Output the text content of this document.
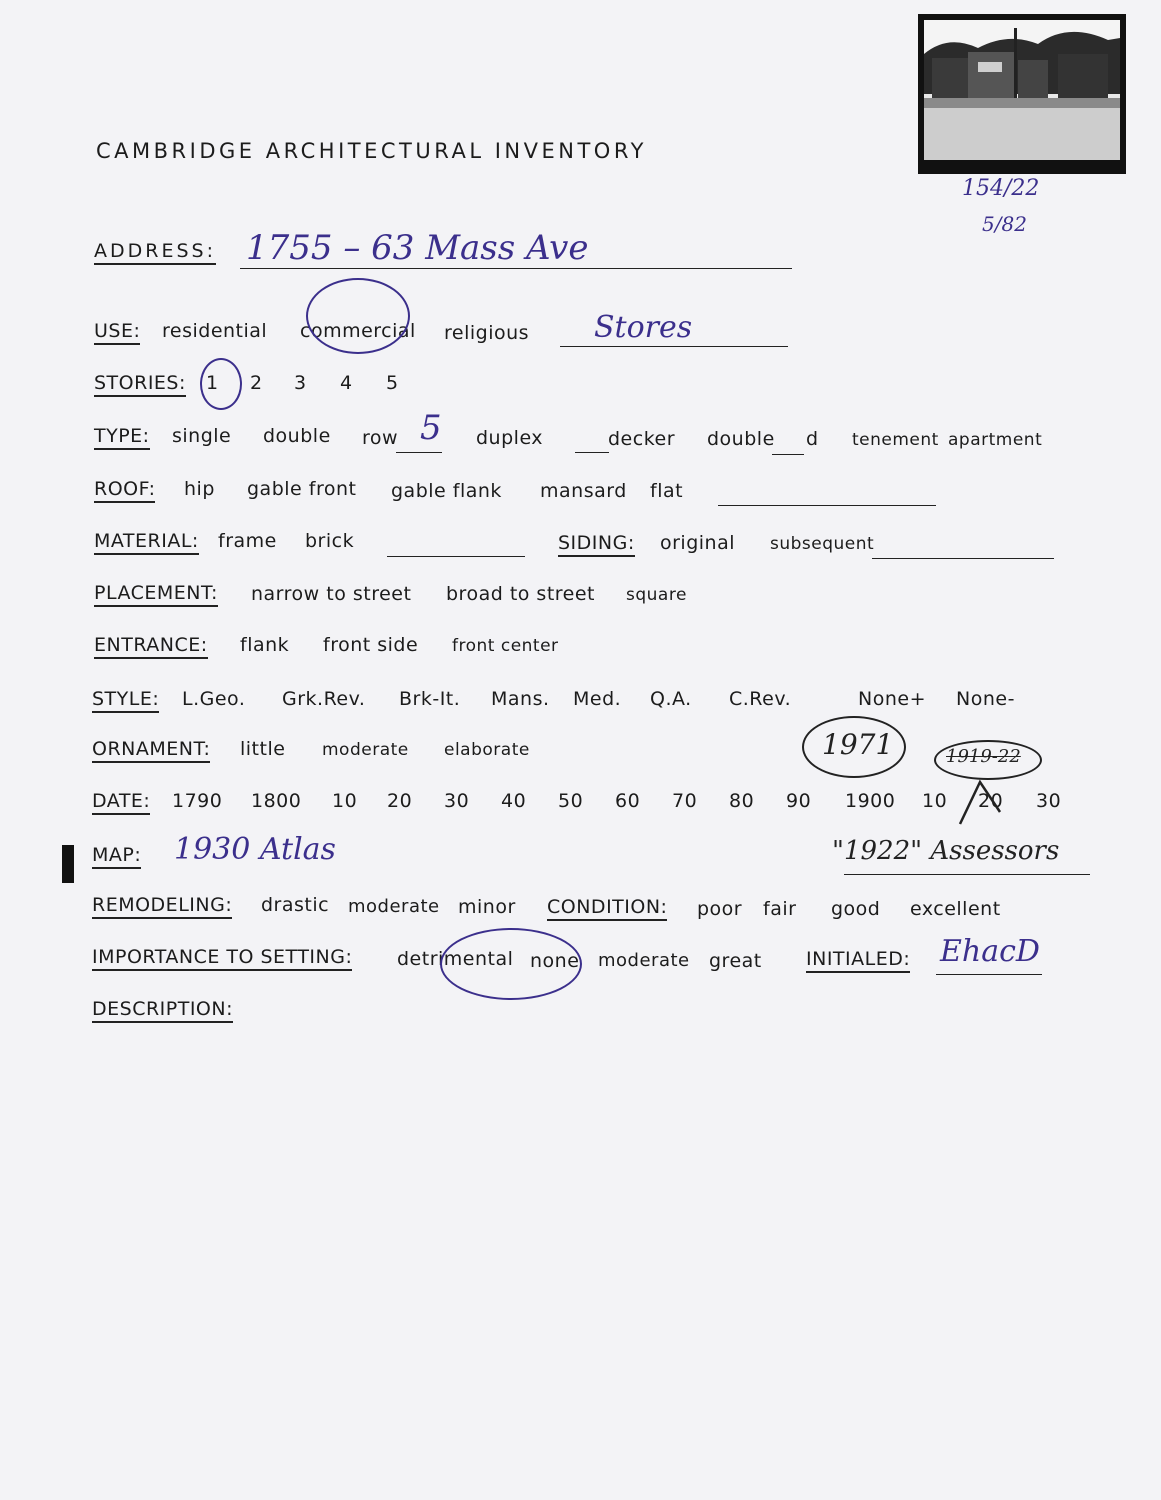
154/22
5/82
CAMBRIDGE ARCHITECTURAL INVENTORY
ADDRESS: 1755 – 63 Mass Ave
USE: residential commercial religious Stores
STORIES: 1 2 3 4 5
TYPE: single double row 5 duplex	decker double d tenement apartment
ROOF: hip gable front gable flank mansard flat
MATERIAL: frame brick	SIDING: original subsequent
PLACEMENT: narrow to street broad to street square
ENTRANCE: flank front side front center
STYLE: L.Geo. Grk.Rev. Brk-It. Mans. Med. Q.A. C.Rev.	None+ None-
ORNAMENT: little moderate elaborate	1971	1919-22
DATE: 1790 1800 10 20 30 40 50 60 70 80 90 1900 10 20 30
MAP: 1930 Atlas	"1922" Assessors
REMODELING: drastic moderate minor CONDITION: poor fair good excellent
IMPORTANCE TO SETTING: detrimental none moderate great INITIALED: EhacD
DESCRIPTION:
